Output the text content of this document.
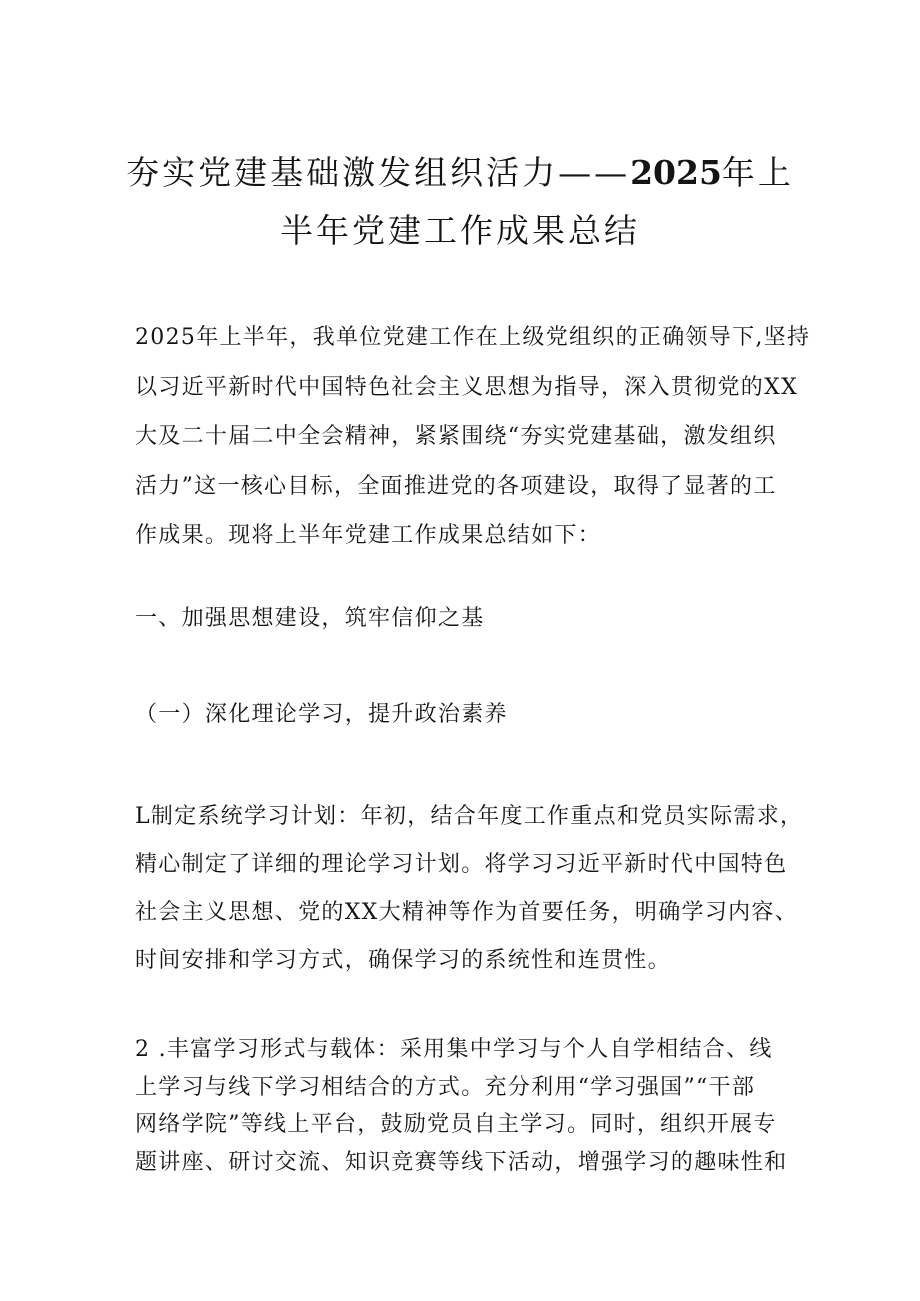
夯实党建基础激发组织活力——2025年上
半年党建工作成果总结
2025年上半年，我单位党建工作在上级党组织的正确领导下,坚持
以习近平新时代中国特色社会主义思想为指导，深入贯彻党的XX
大及二十届二中全会精神，紧紧围绕“夯实党建基础，激发组织
活力”这一核心目标，全面推进党的各项建设，取得了显著的工
作成果。现将上半年党建工作成果总结如下：
一、加强思想建设，筑牢信仰之基
（一）深化理论学习，提升政治素养
L制定系统学习计划：年初，结合年度工作重点和党员实际需求，
精心制定了详细的理论学习计划。将学习习近平新时代中国特色
社会主义思想、党的XX大精神等作为首要任务，明确学习内容、
时间安排和学习方式，确保学习的系统性和连贯性。
2 .丰富学习形式与载体：采用集中学习与个人自学相结合、线
上学习与线下学习相结合的方式。充分利用“学习强国”“干部
网络学院”等线上平台，鼓励党员自主学习。同时，组织开展专
题讲座、研讨交流、知识竞赛等线下活动，增强学习的趣味性和
